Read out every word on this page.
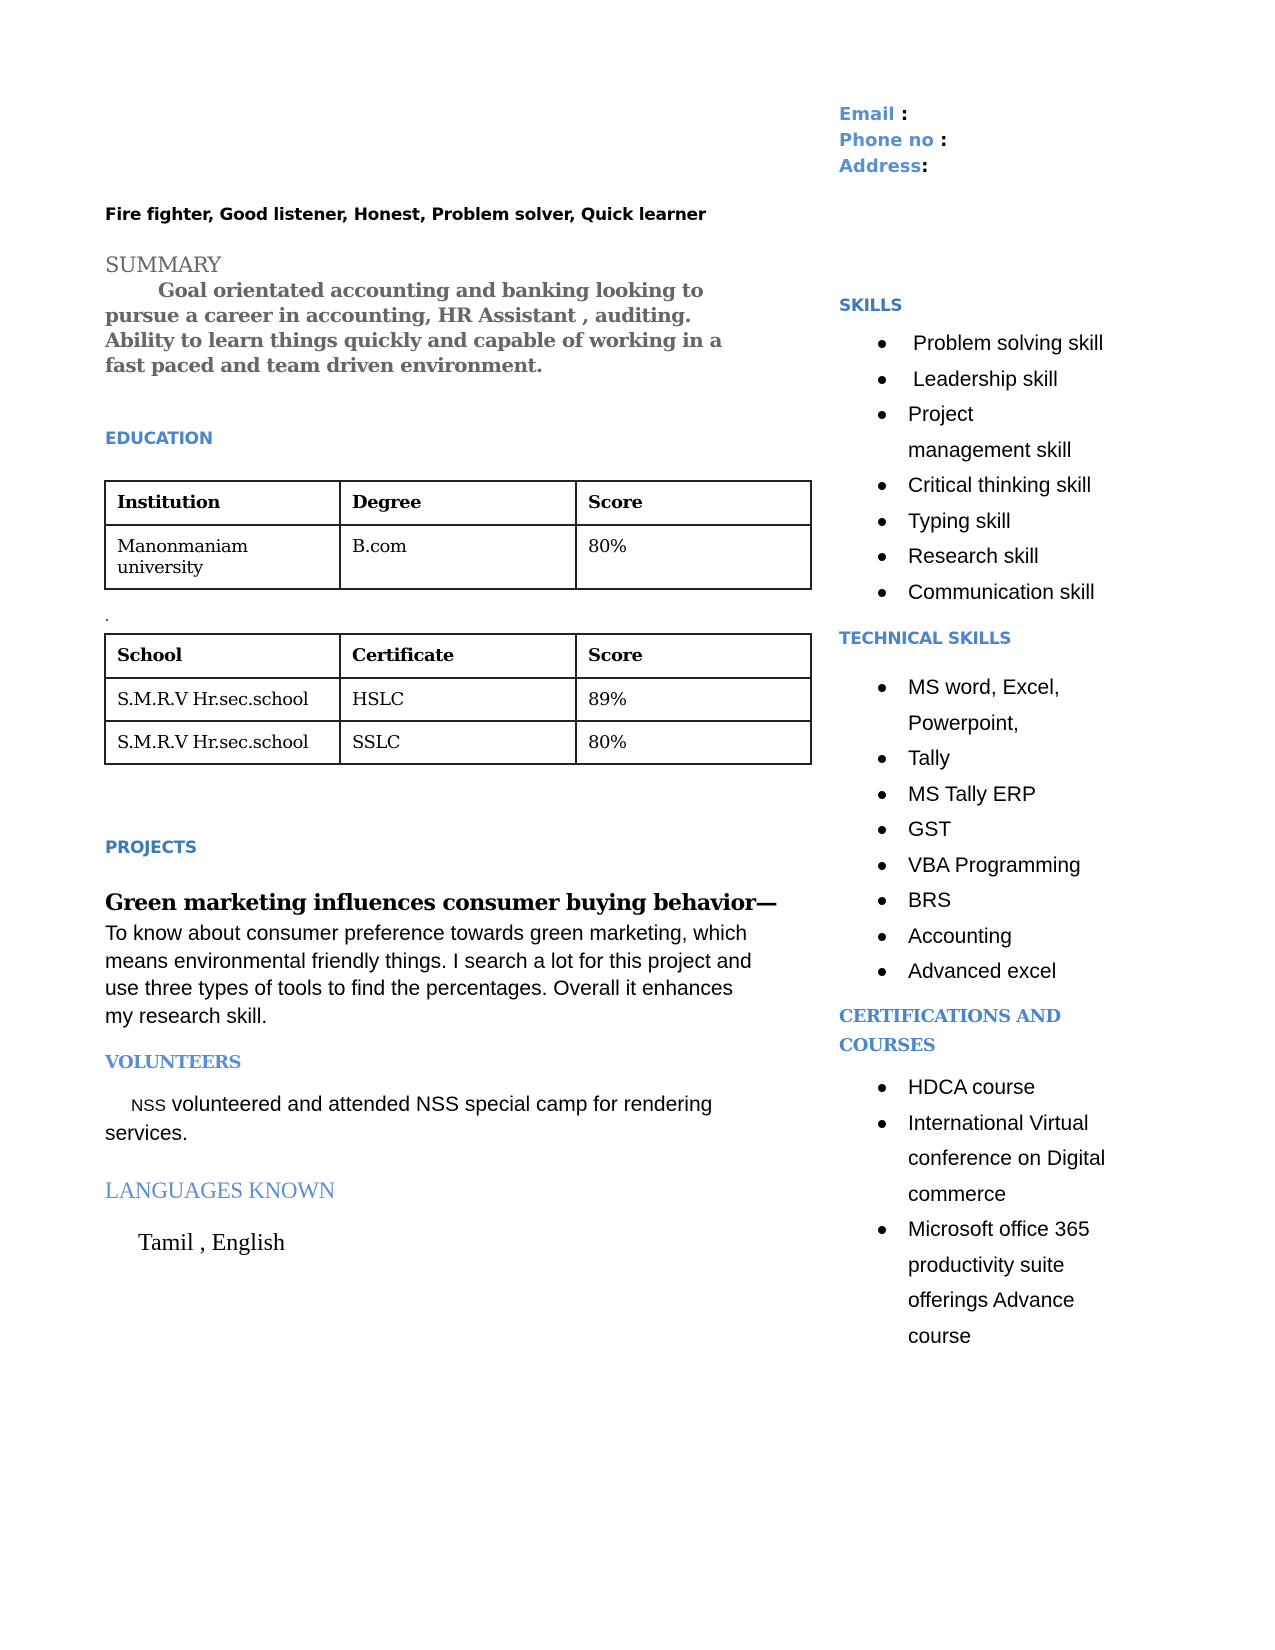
Email :
Phone no :
Address:
Fire fighter, Good listener, Honest, Problem solver, Quick learner
SUMMARY
Goal orientated accounting and banking looking to pursue a career in accounting, HR Assistant , auditing. Ability to learn things quickly and capable of working in a fast paced and team driven environment.
EDUCATION
Institution	Degree	Score
Manonmaniam university	B.com	80%
.
School	Certificate	Score
S.M.R.V Hr.sec.school	HSLC	89%
S.M.R.V Hr.sec.school	SSLC	80%
PROJECTS
Green marketing influences consumer buying behavior—
To know about consumer preference towards green marketing, which means environmental friendly things. I search a lot for this project and use three types of tools to find the percentages. Overall it enhances my research skill.
VOLUNTEERS
NSS volunteered and attended NSS special camp for rendering services.
LANGUAGES KNOWN
Tamil , English
SKILLS
Problem solving skill
Leadership skill
Project management skill
Critical thinking skill
Typing skill
Research skill
Communication skill
TECHNICAL SKILLS
MS word, Excel, Powerpoint,
Tally
MS Tally ERP
GST
VBA Programming
BRS
Accounting
Advanced excel
CERTIFICATIONS AND
COURSES
HDCA course
International Virtual conference on Digital commerce
Microsoft office 365 productivity suite offerings Advance course
